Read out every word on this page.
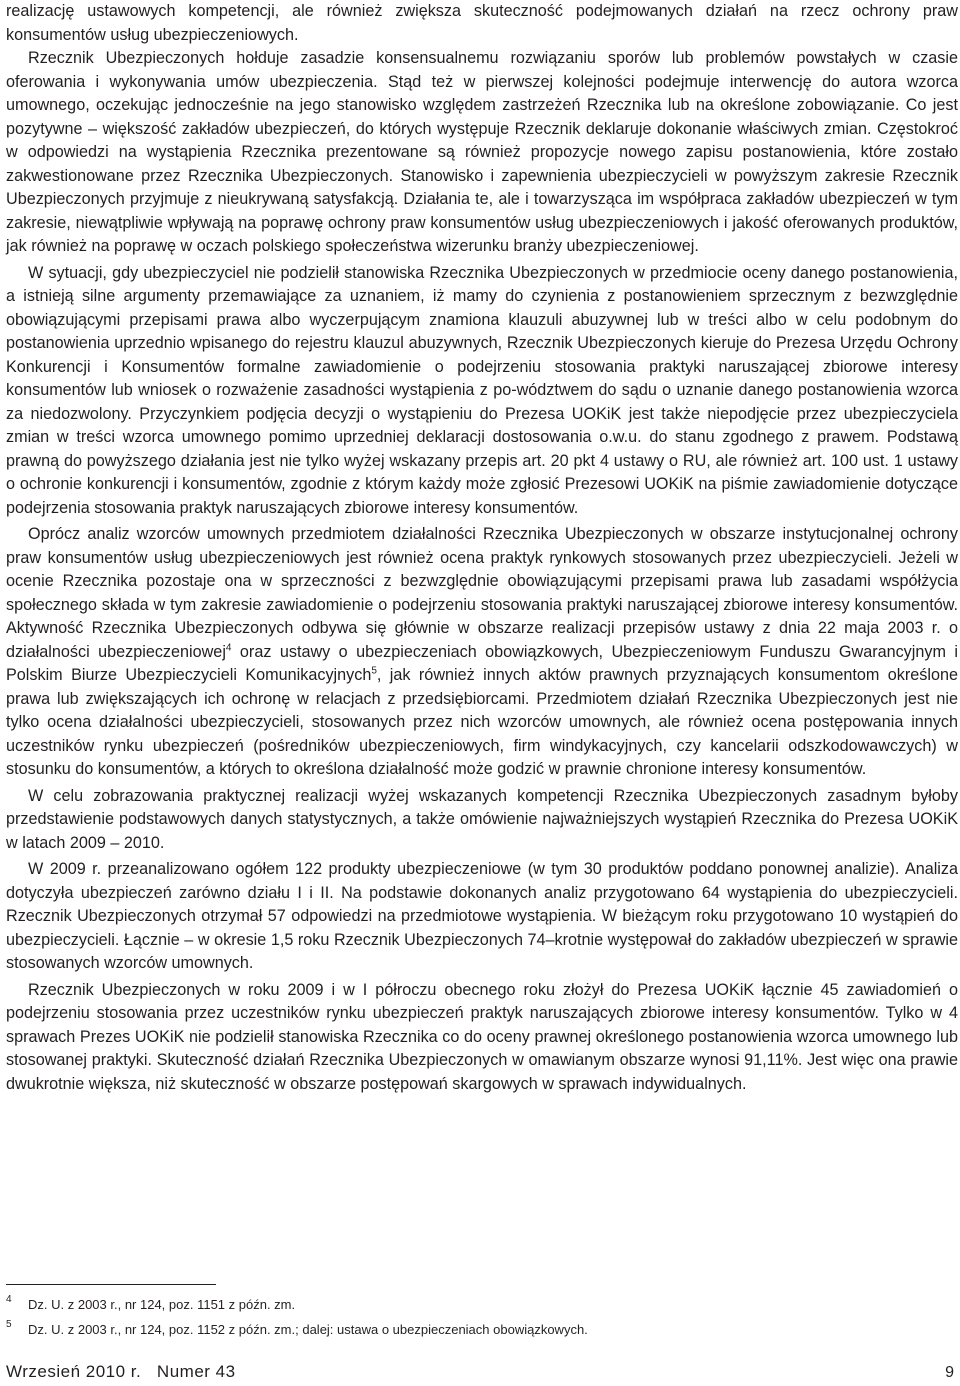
realizację ustawowych kompetencji, ale również zwiększa skuteczność podejmowanych działań na rzecz ochrony praw konsumentów usług ubezpieczeniowych.

Rzecznik Ubezpieczonych hołduje zasadzie konsensualnemu rozwiązaniu sporów lub problemów powstałych w czasie oferowania i wykonywania umów ubezpieczenia. Stąd też w pierwszej kolejności podejmuje interwencję do autora wzorca umownego, oczekując jednocześnie na jego stanowisko względem zastrzeżeń Rzecznika lub na określone zobowiązanie. Co jest pozytywne – większość zakładów ubezpieczeń, do których występuje Rzecznik deklaruje dokonanie właściwych zmian. Częstokroć w odpowiedzi na wystąpienia Rzecznika prezentowane są również propozycje nowego zapisu postanowienia, które zostało zakwestionowane przez Rzecznika Ubezpieczonych. Stanowisko i zapewnienia ubezpieczycieli w powyższym zakresie Rzecznik Ubezpieczonych przyjmuje z nieukrywaną satysfakcją. Działania te, ale i towarzysząca im współpraca zakładów ubezpieczeń w tym zakresie, niewątpliwie wpływają na poprawę ochrony praw konsumentów usług ubezpieczeniowych i jakość oferowanych produktów, jak również na poprawę w oczach polskiego społeczeństwa wizerunku branży ubezpieczeniowej.

W sytuacji, gdy ubezpieczyciel nie podzielił stanowiska Rzecznika Ubezpieczonych w przedmiocie oceny danego postanowienia, a istnieją silne argumenty przemawiające za uznaniem, iż mamy do czynienia z postanowieniem sprzecznym z bezwzględnie obowiązującymi przepisami prawa albo wyczerpującym znamiona klauzuli abuzywnej lub w treści albo w celu podobnym do postanowienia uprzednio wpisanego do rejestru klauzul abuzywnych, Rzecznik Ubezpieczonych kieruje do Prezesa Urzędu Ochrony Konkurencji i Konsumentów formalne zawiadomienie o podejrzeniu stosowania praktyki naruszającej zbiorowe interesy konsumentów lub wniosek o rozważenie zasadności wystąpienia z po-wództwem do sądu o uznanie danego postanowienia wzorca za niedozwolony. Przyczynkiem podjęcia decyzji o wystąpieniu do Prezesa UOKiK jest także niepodjęcie przez ubezpieczyciela zmian w treści wzorca umownego pomimo uprzedniej deklaracji dostosowania o.w.u. do stanu zgodnego z prawem. Podstawą prawną do powyższego działania jest nie tylko wyżej wskazany przepis art. 20 pkt 4 ustawy o RU, ale również art. 100 ust. 1 ustawy o ochronie konkurencji i konsumentów, zgodnie z którym każdy może zgłosić Prezesowi UOKiK na piśmie zawiadomienie dotyczące podejrzenia stosowania praktyk naruszających zbiorowe interesy konsumentów.

Oprócz analiz wzorców umownych przedmiotem działalności Rzecznika Ubezpieczonych w obszarze instytucjonalnej ochrony praw konsumentów usług ubezpieczeniowych jest również ocena praktyk rynkowych stosowanych przez ubezpieczycieli. Jeżeli w ocenie Rzecznika pozostaje ona w sprzeczności z bezwzględnie obowiązującymi przepisami prawa lub zasadami współżycia społecznego składa w tym zakresie zawiadomienie o podejrzeniu stosowania praktyki naruszającej zbiorowe interesy konsumentów. Aktywność Rzecznika Ubezpieczonych odbywa się głównie w obszarze realizacji przepisów ustawy z dnia 22 maja 2003 r. o działalności ubezpieczeniowej$^4$ oraz ustawy o ubezpieczeniach obowiązkowych, Ubezpieczeniowym Funduszu Gwarancyjnym i Polskim Biurze Ubezpieczycieli Komunikacyjnych$^5$, jak również innych aktów prawnych przyznających konsumentom określone prawa lub zwiększających ich ochronę w relacjach z przedsiębiorcami. Przedmiotem działań Rzecznika Ubezpieczonych jest nie tylko ocena działalności ubezpieczycieli, stosowanych przez nich wzorców umownych, ale również ocena postępowania innych uczestników rynku ubezpieczeń (pośredników ubezpieczeniowych, firm windykacyjnych, czy kancelarii odszkodowawczych) w stosunku do konsumentów, a których to określona działalność może godzić w prawnie chronione interesy konsumentów.

W celu zobrazowania praktycznej realizacji wyżej wskazanych kompetencji Rzecznika Ubezpieczonych zasadnym byłoby przedstawienie podstawowych danych statystycznych, a także omówienie najważniejszych wystąpień Rzecznika do Prezesa UOKiK w latach 2009 – 2010.

W 2009 r. przeanalizowano ogółem 122 produkty ubezpieczeniowe (w tym 30 produktów poddano ponownej analizie). Analiza dotyczyła ubezpieczeń zarówno działu I i II. Na podstawie dokonanych analiz przygotowano 64 wystąpienia do ubezpieczycieli. Rzecznik Ubezpieczonych otrzymał 57 odpowiedzi na przedmiotowe wystąpienia. W bieżącym roku przygotowano 10 wystąpień do ubezpieczycieli. Łącznie – w okresie 1,5 roku Rzecznik Ubezpieczonych 74–krotnie występował do zakładów ubezpieczeń w sprawie stosowanych wzorców umownych.

Rzecznik Ubezpieczonych w roku 2009 i w I półroczu obecnego roku złożył do Prezesa UOKiK łącznie 45 zawiadomień o podejrzeniu stosowania przez uczestników rynku ubezpieczeń praktyk naruszających zbiorowe interesy konsumentów. Tylko w 4 sprawach Prezes UOKiK nie podzielił stanowiska Rzecznika co do oceny prawnej określonego postanowienia wzorca umownego lub stosowanej praktyki. Skuteczność działań Rzecznika Ubezpieczonych w omawianym obszarze wynosi 91,11%. Jest więc ona prawie dwukrotnie większa, niż skuteczność w obszarze postępowań skargowych w sprawach indywidualnych.

4 Dz. U. z 2003 r., nr 124, poz. 1151 z późn. zm.
5 Dz. U. z 2003 r., nr 124, poz. 1152 z późn. zm.; dalej: ustawa o ubezpieczeniach obowiązkowych.
Wrzesień 2010 r.   Numer 43	9
